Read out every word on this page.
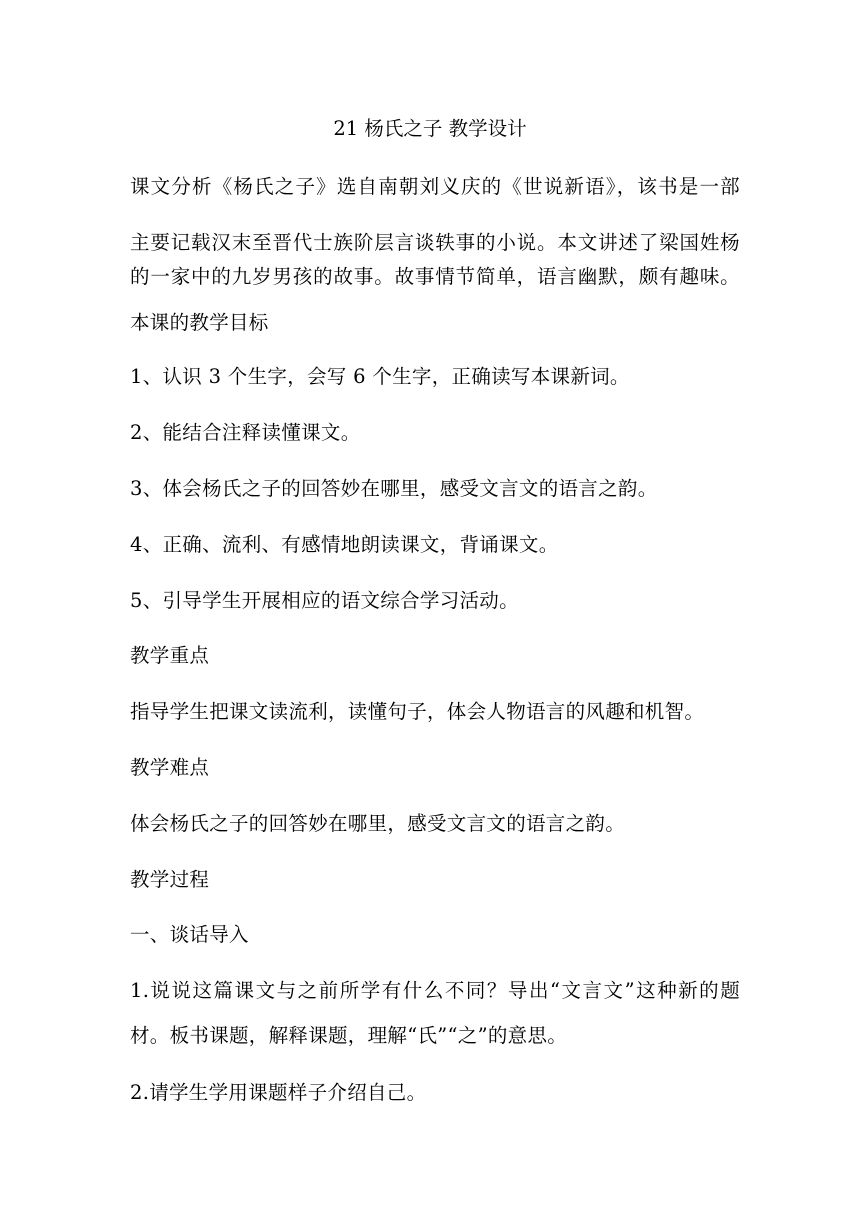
21 杨氏之子 教学设计
课文分析《杨氏之子》选自南朝刘义庆的《世说新语》，该书是一部
主要记载汉末至晋代士族阶层言谈轶事的小说。本文讲述了梁国姓杨
的一家中的九岁男孩的故事。故事情节简单，语言幽默，颇有趣味。
本课的教学目标
1、认识 3 个生字，会写 6 个生字，正确读写本课新词。
2、能结合注释读懂课文。
3、体会杨氏之子的回答妙在哪里，感受文言文的语言之韵。
4、正确、流利、有感情地朗读课文，背诵课文。
5、引导学生开展相应的语文综合学习活动。
教学重点
指导学生把课文读流利，读懂句子，体会人物语言的风趣和机智。
教学难点
体会杨氏之子的回答妙在哪里，感受文言文的语言之韵。
教学过程
一、谈话导入
1.说说这篇课文与之前所学有什么不同？导出“文言文”这种新的题
材。板书课题，解释课题，理解“氏”“之”的意思。
2.请学生学用课题样子介绍自己。
